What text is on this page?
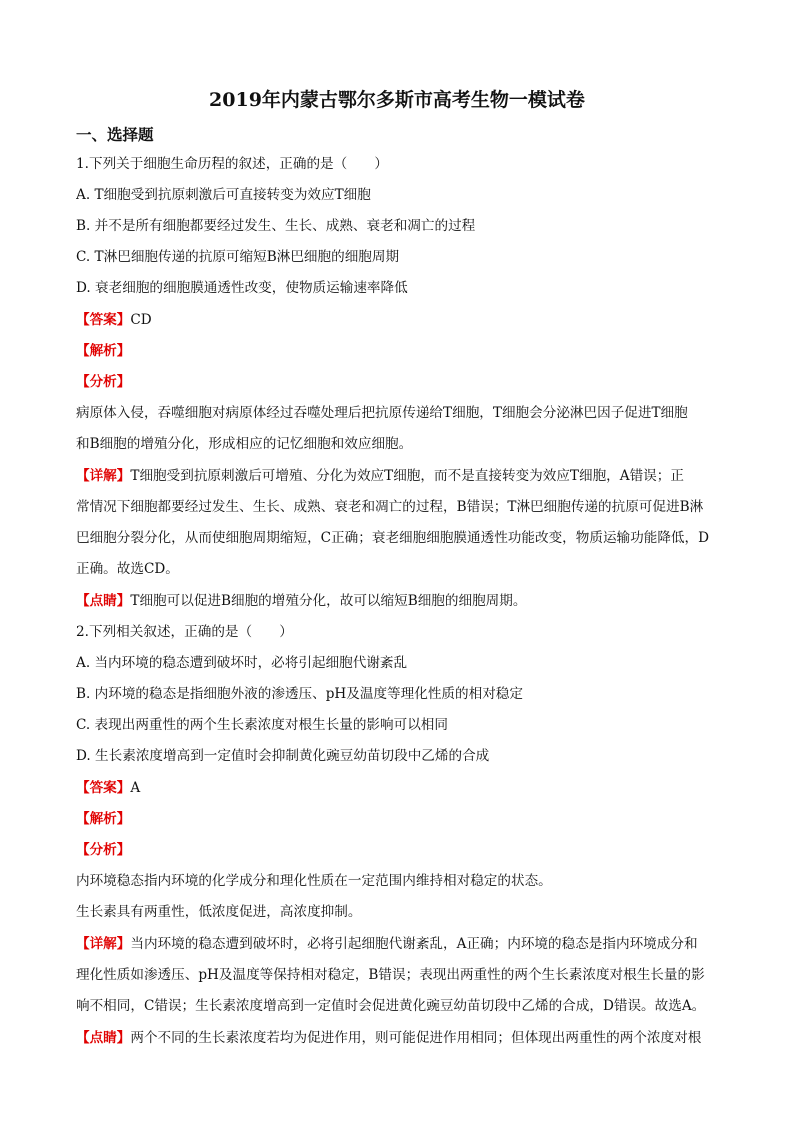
2019年内蒙古鄂尔多斯市高考生物一模试卷
一、选择题
1.下列关于细胞生命历程的叙述，正确的是（　　）
A. T细胞受到抗原刺激后可直接转变为效应T细胞
B. 并不是所有细胞都要经过发生、生长、成熟、衰老和凋亡的过程
C. T淋巴细胞传递的抗原可缩短B淋巴细胞的细胞周期
D. 衰老细胞的细胞膜通透性改变，使物质运输速率降低
【答案】CD
【解析】
【分析】
病原体入侵，吞噬细胞对病原体经过吞噬处理后把抗原传递给T细胞，T细胞会分泌淋巴因子促进T细胞
和B细胞的增殖分化，形成相应的记忆细胞和效应细胞。
【详解】T细胞受到抗原刺激后可增殖、分化为效应T细胞，而不是直接转变为效应T细胞，A错误；正
常情况下细胞都要经过发生、生长、成熟、衰老和凋亡的过程，B错误；T淋巴细胞传递的抗原可促进B淋
巴细胞分裂分化，从而使细胞周期缩短，C正确；衰老细胞细胞膜通透性功能改变，物质运输功能降低，D
正确。故选CD。
【点睛】T细胞可以促进B细胞的增殖分化，故可以缩短B细胞的细胞周期。
2.下列相关叙述，正确的是（　　）
A. 当内环境的稳态遭到破坏时，必将引起细胞代谢紊乱
B. 内环境的稳态是指细胞外液的渗透压、pH及温度等理化性质的相对稳定
C. 表现出两重性的两个生长素浓度对根生长量的影响可以相同
D. 生长素浓度增高到一定值时会抑制黄化豌豆幼苗切段中乙烯的合成
【答案】A
【解析】
【分析】
内环境稳态指内环境的化学成分和理化性质在一定范围内维持相对稳定的状态。
生长素具有两重性，低浓度促进，高浓度抑制。
【详解】当内环境的稳态遭到破坏时，必将引起细胞代谢紊乱，A正确；内环境的稳态是指内环境成分和
理化性质如渗透压、pH及温度等保持相对稳定，B错误；表现出两重性的两个生长素浓度对根生长量的影
响不相同，C错误；生长素浓度增高到一定值时会促进黄化豌豆幼苗切段中乙烯的合成，D错误。故选A。
【点睛】两个不同的生长素浓度若均为促进作用，则可能促进作用相同；但体现出两重性的两个浓度对根
